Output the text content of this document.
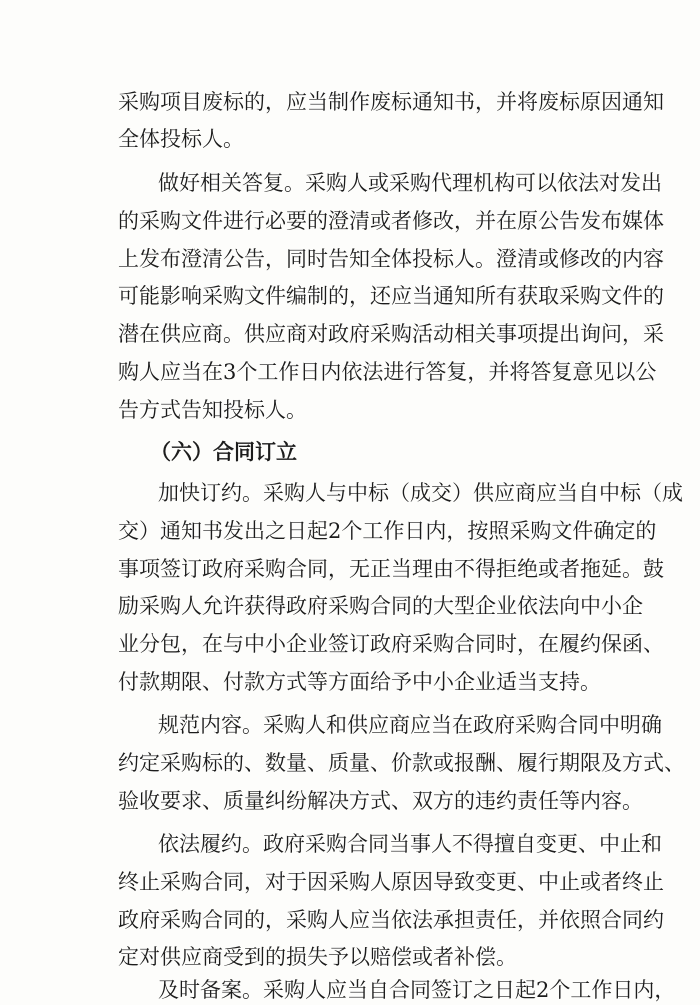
采购项目废标的，应当制作废标通知书，并将废标原因通知
全体投标人。
做好相关答复。采购人或采购代理机构可以依法对发出
的采购文件进行必要的澄清或者修改，并在原公告发布媒体
上发布澄清公告，同时告知全体投标人。澄清或修改的内容
可能影响采购文件编制的，还应当通知所有获取采购文件的
潜在供应商。供应商对政府采购活动相关事项提出询问，采
购人应当在3个工作日内依法进行答复，并将答复意见以公
告方式告知投标人。
（六）合同订立
加快订约。采购人与中标（成交）供应商应当自中标（成
交）通知书发出之日起2个工作日内，按照采购文件确定的
事项签订政府采购合同，无正当理由不得拒绝或者拖延。鼓
励采购人允许获得政府采购合同的大型企业依法向中小企
业分包，在与中小企业签订政府采购合同时，在履约保函、
付款期限、付款方式等方面给予中小企业适当支持。
规范内容。采购人和供应商应当在政府采购合同中明确
约定采购标的、数量、质量、价款或报酬、履行期限及方式、
验收要求、质量纠纷解决方式、双方的违约责任等内容。
依法履约。政府采购合同当事人不得擅自变更、中止和
终止采购合同，对于因采购人原因导致变更、中止或者终止
政府采购合同的，采购人应当依法承担责任，并依照合同约
定对供应商受到的损失予以赔偿或者补偿。
及时备案。采购人应当自合同签订之日起2个工作日内，
